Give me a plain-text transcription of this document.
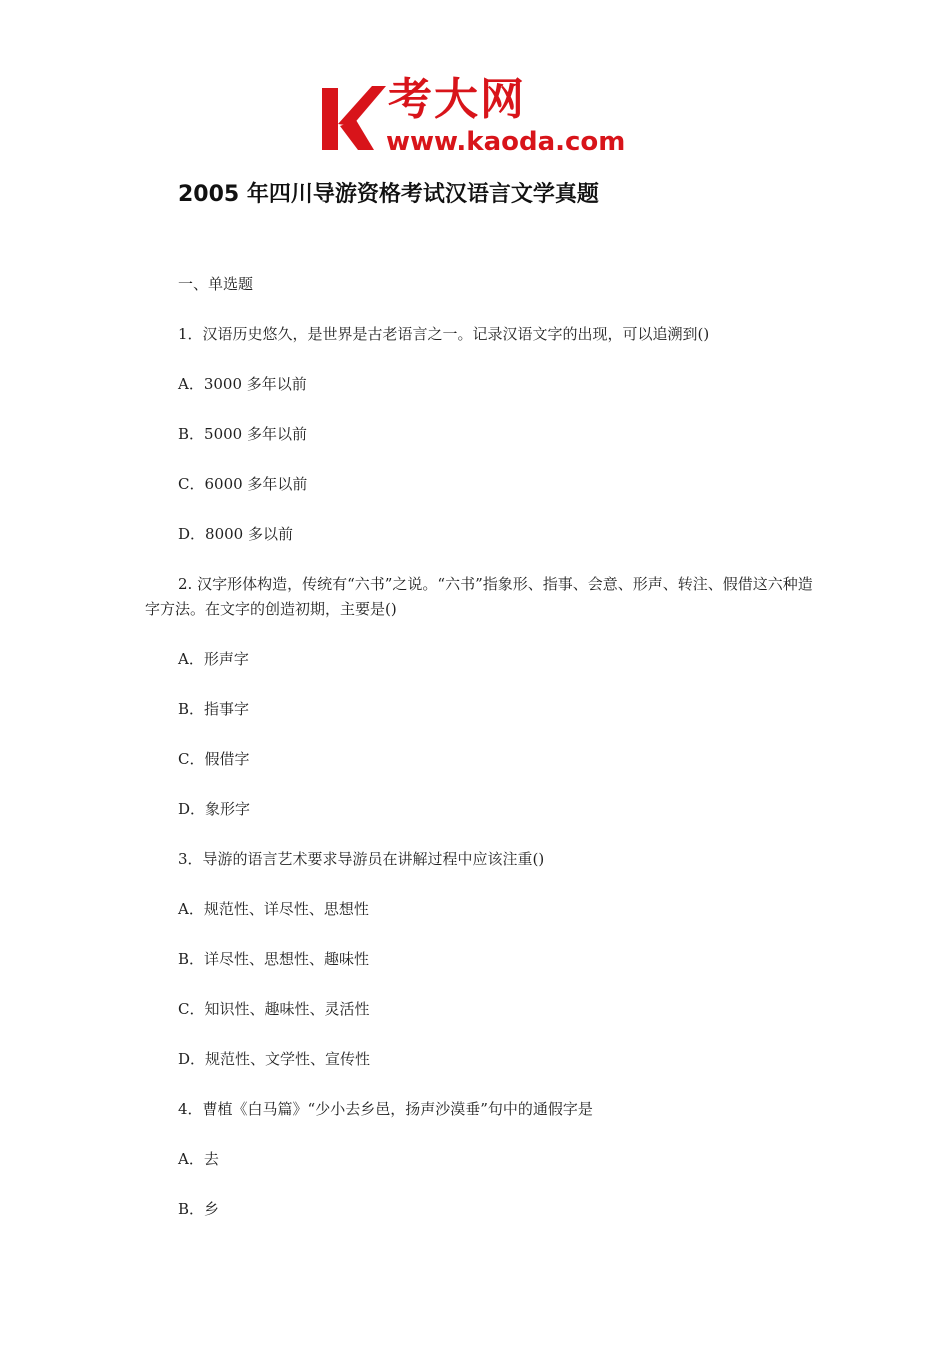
考大网
www.kaoda.com
2005 年四川导游资格考试汉语言文学真题
一、单选题
1．汉语历史悠久，是世界是古老语言之一。记录汉语文字的出现，可以追溯到()
A．3000 多年以前
B．5000 多年以前
C．6000 多年以前
D．8000 多以前
2. 汉字形体构造，传统有“六书”之说。“六书”指象形、指事、会意、形声、转注、假借这六种造字方法。在文字的创造初期，主要是()
A．形声字
B．指事字
C．假借字
D．象形字
3．导游的语言艺术要求导游员在讲解过程中应该注重()
A．规范性、详尽性、思想性
B．详尽性、思想性、趣味性
C．知识性、趣味性、灵活性
D．规范性、文学性、宣传性
4．曹植《白马篇》“少小去乡邑，扬声沙漠垂”句中的通假字是
A．去
B．乡
